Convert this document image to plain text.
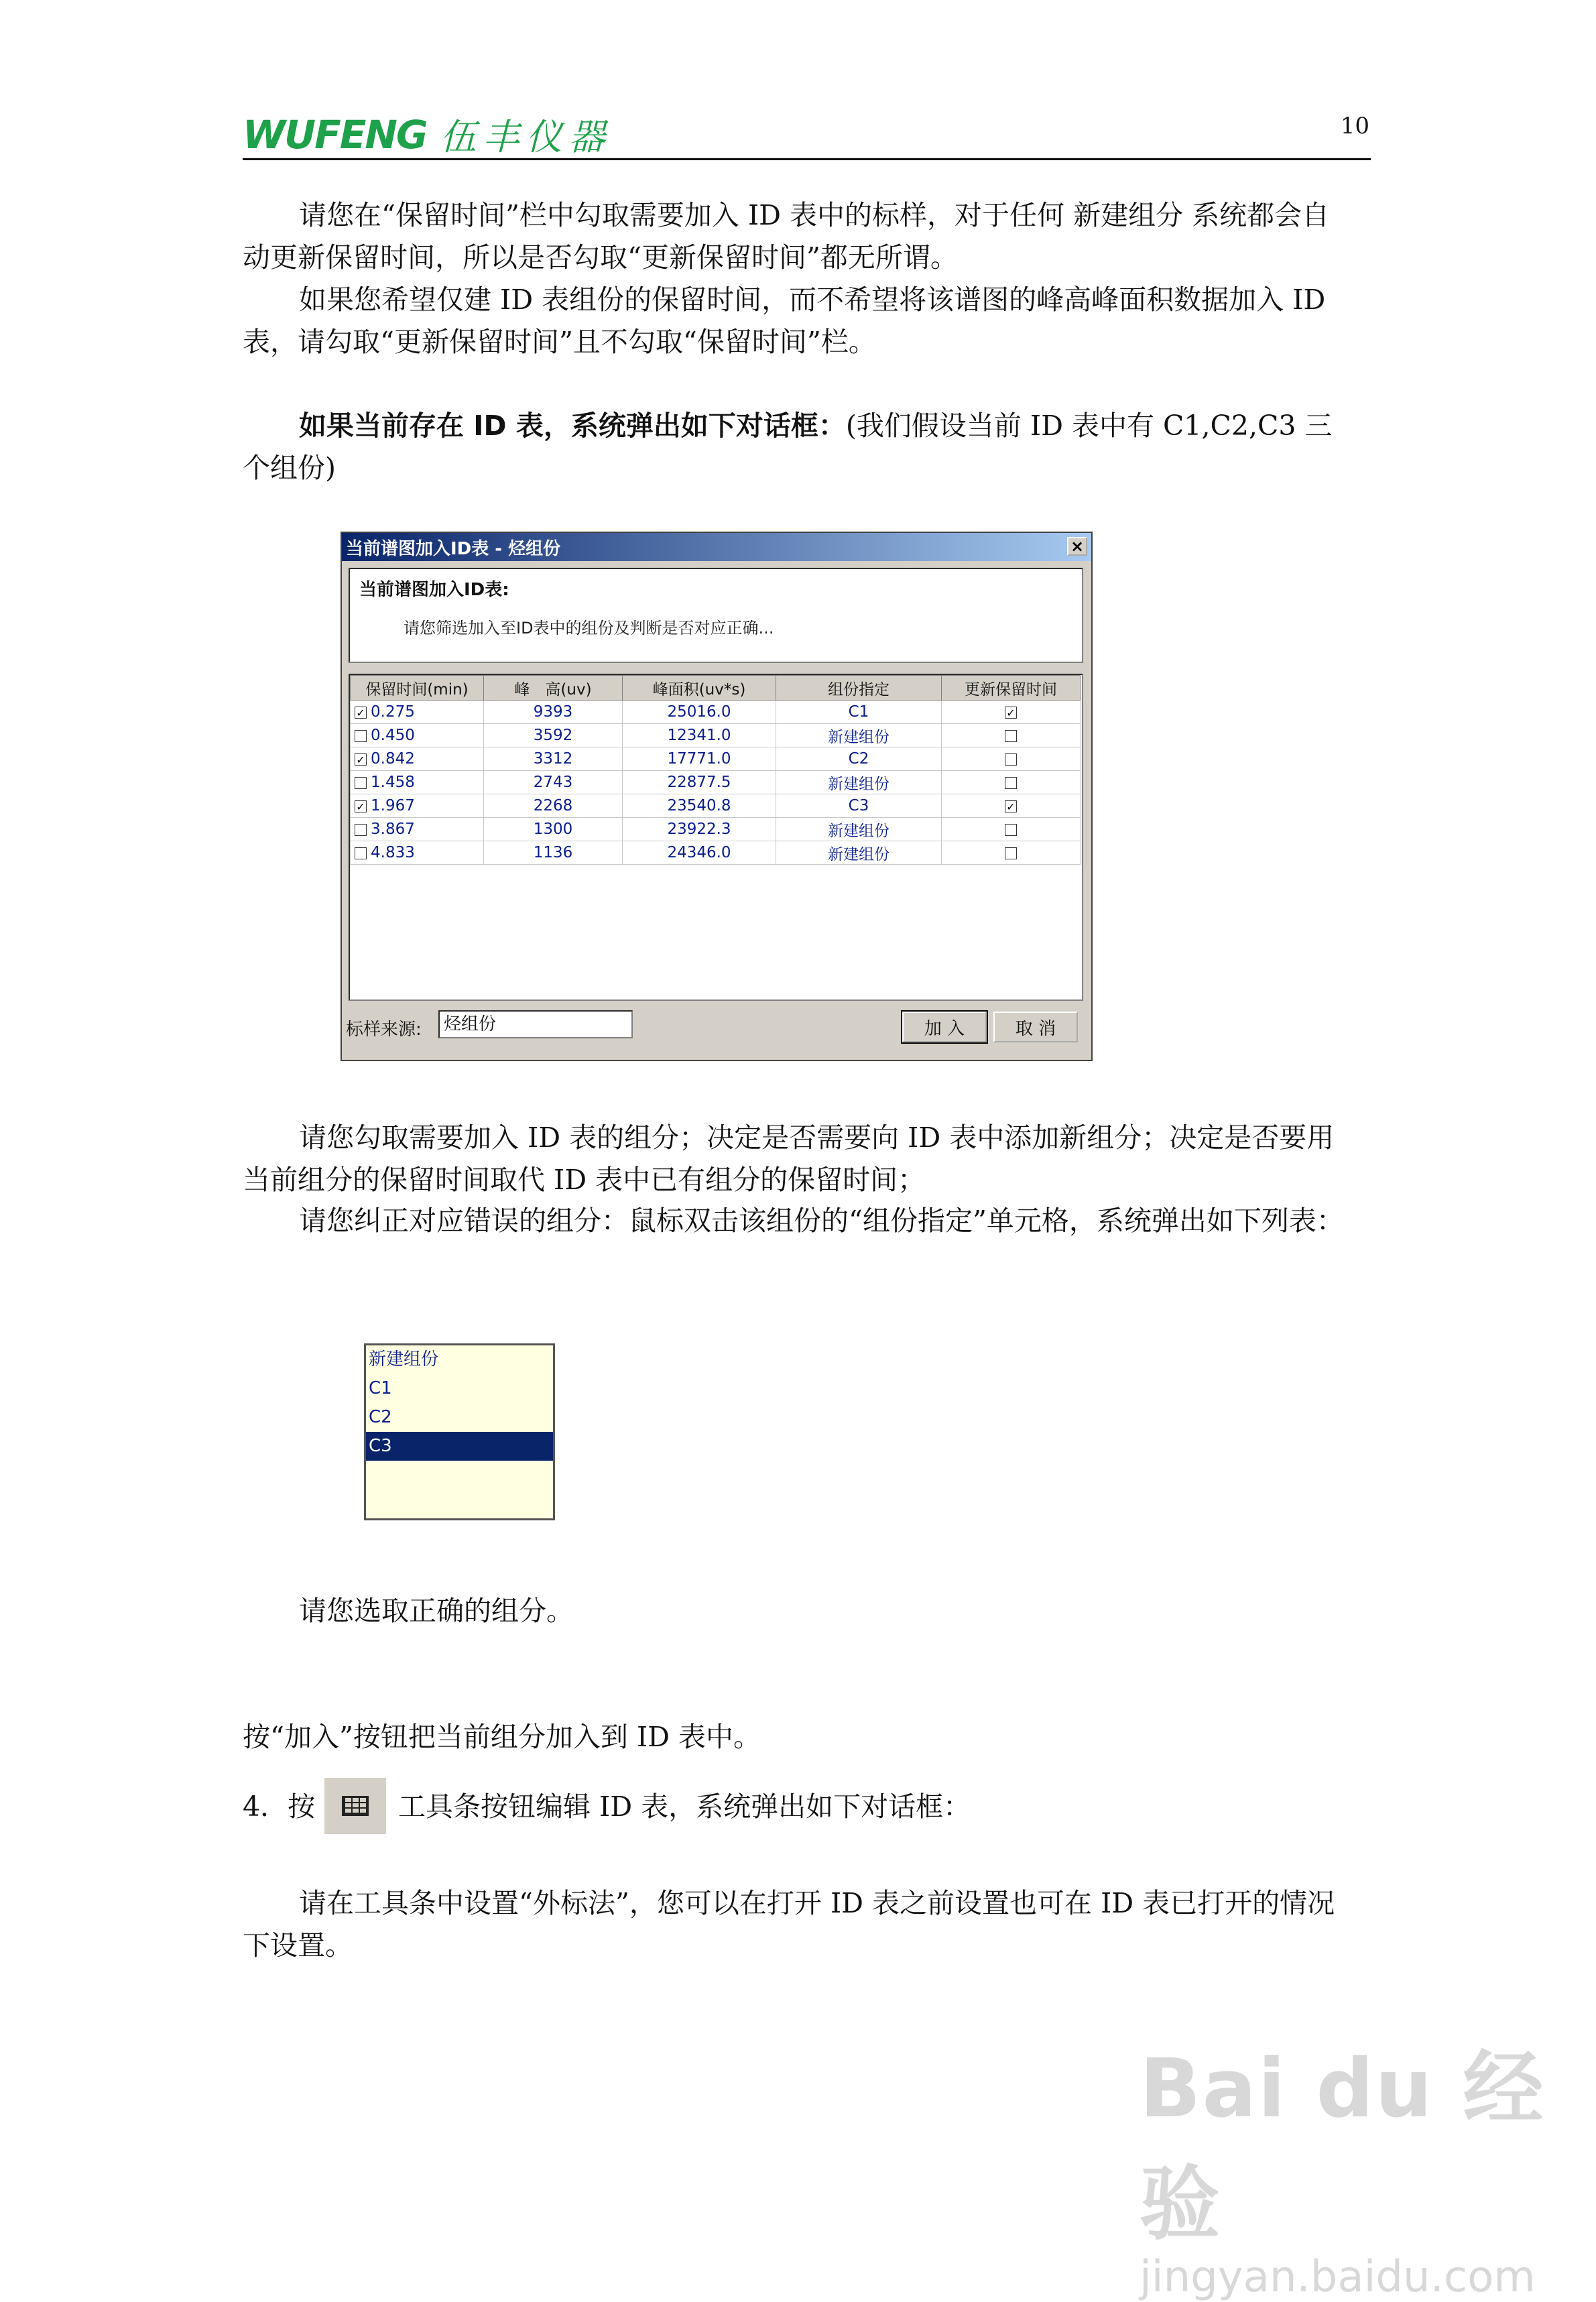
WUFENG 伍丰仪器	10
请您在“保留时间”栏中勾取需要加入 ID 表中的标样，对于任何 新建组分 系统都会自动更新保留时间，所以是否勾取“更新保留时间”都无所谓。
如果您希望仅建 ID 表组份的保留时间，而不希望将该谱图的峰高峰面积数据加入 ID 表，请勾取“更新保留时间”且不勾取“保留时间”栏。
如果当前存在 ID 表，系统弹出如下对话框：(我们假设当前 ID 表中有 C1,C2,C3 三个组份)
当前谱图加入ID表 - 烃组份	×
当前谱图加入ID表:
请您筛选加入至ID表中的组份及判断是否对应正确...
保留时间(min)	峰　高(uv)	峰面积(uv*s)	组份指定	更新保留时间
✓0.275	9393	25016.0	C1	✓
0.450	3592	12341.0	新建组份	
✓0.842	3312	17771.0	C2	
1.458	2743	22877.5	新建组份	
✓1.967	2268	23540.8	C3	✓
3.867	1300	23922.3	新建组份	
4.833	1136	24346.0	新建组份	
标样来源:	烃组份	加 入	取 消
请您勾取需要加入 ID 表的组分；决定是否需要向 ID 表中添加新组分；决定是否要用当前组分的保留时间取代 ID 表中已有组分的保留时间；
请您纠正对应错误的组分：鼠标双击该组份的“组份指定”单元格，系统弹出如下列表：
新建组份
C1
C2
C3
请您选取正确的组分。
按“加入”按钮把当前组分加入到 ID 表中。
4．按	工具条按钮编辑 ID 表，系统弹出如下对话框：
请在工具条中设置“外标法”，您可以在打开 ID 表之前设置也可在 ID 表已打开的情况下设置。
Bai du 经验
jingyan.baidu.com
